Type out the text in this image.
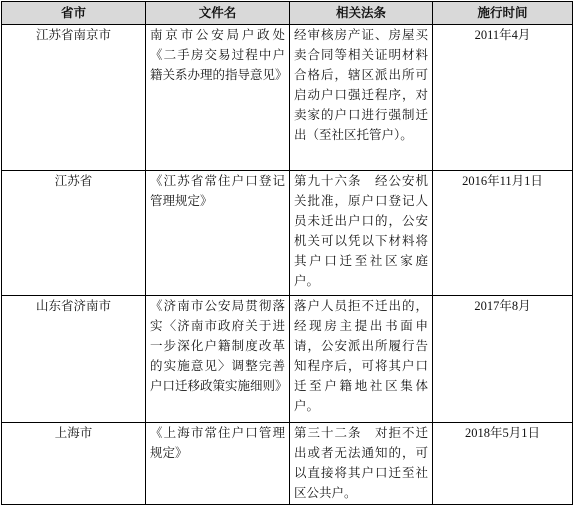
省市	文件名	相关法条	施行时间
江苏省南京市	南京市公安局户政处《二手房交易过程中户籍关系办理的指导意见》	经审核房产证、房屋买卖合同等相关证明材料合格后，辖区派出所可启动户口强迁程序，对卖家的户口进行强制迁出（至社区托管户）。	2011年4月
江苏省	《江苏省常住户口登记管理规定》	第九十六条　经公安机关批准，原户口登记人员未迁出户口的，公安机关可以凭以下材料将其户口迁至社区家庭户。	2016年11月1日
山东省济南市	《济南市公安局贯彻落实〈济南市政府关于进一步深化户籍制度改革的实施意见〉调整完善户口迁移政策实施细则》	落户人员拒不迁出的，经现房主提出书面申请，公安派出所履行告知程序后，可将其户口迁至户籍地社区集体户。	2017年8月
上海市	《上海市常住户口管理规定》	第三十二条　对拒不迁出或者无法通知的，可以直接将其户口迁至社区公共户。	2018年5月1日
